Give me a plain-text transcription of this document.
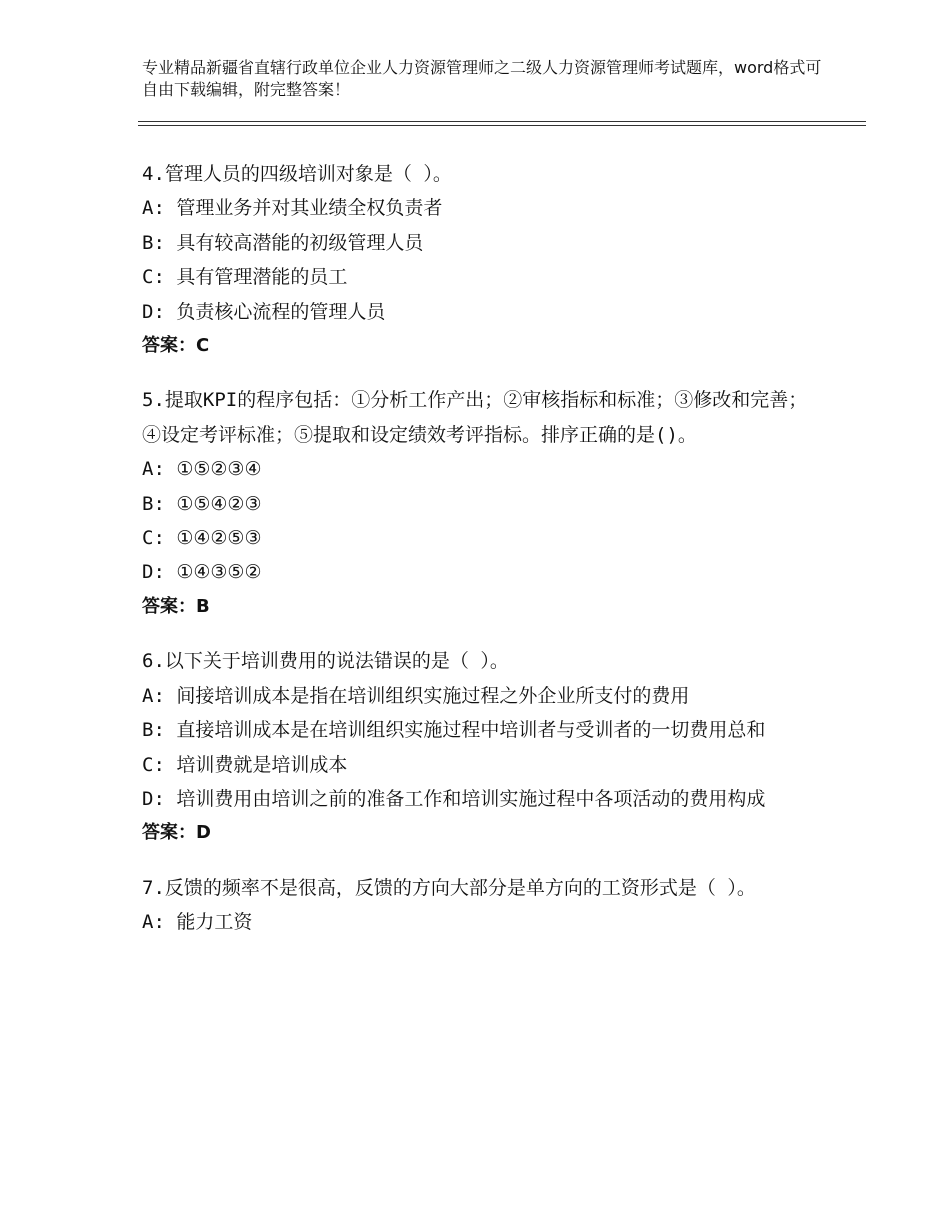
专业精品新疆省直辖行政单位企业人力资源管理师之二级人力资源管理师考试题库，word格式可自由下载编辑，附完整答案！
4.管理人员的四级培训对象是（ ）。
A: 管理业务并对其业绩全权负责者
B: 具有较高潜能的初级管理人员
C: 具有管理潜能的员工
D: 负责核心流程的管理人员
答案：C
5.提取KPI的程序包括：①分析工作产出；②审核指标和标准；③修改和完善；④设定考评标准；⑤提取和设定绩效考评指标。排序正确的是()。
A: ①⑤②③④
B: ①⑤④②③
C: ①④②⑤③
D: ①④③⑤②
答案：B
6.以下关于培训费用的说法错误的是（ ）。
A: 间接培训成本是指在培训组织实施过程之外企业所支付的费用
B: 直接培训成本是在培训组织实施过程中培训者与受训者的一切费用总和
C: 培训费就是培训成本
D: 培训费用由培训之前的准备工作和培训实施过程中各项活动的费用构成
答案：D
7.反馈的频率不是很高，反馈的方向大部分是单方向的工资形式是（ ）。
A: 能力工资
